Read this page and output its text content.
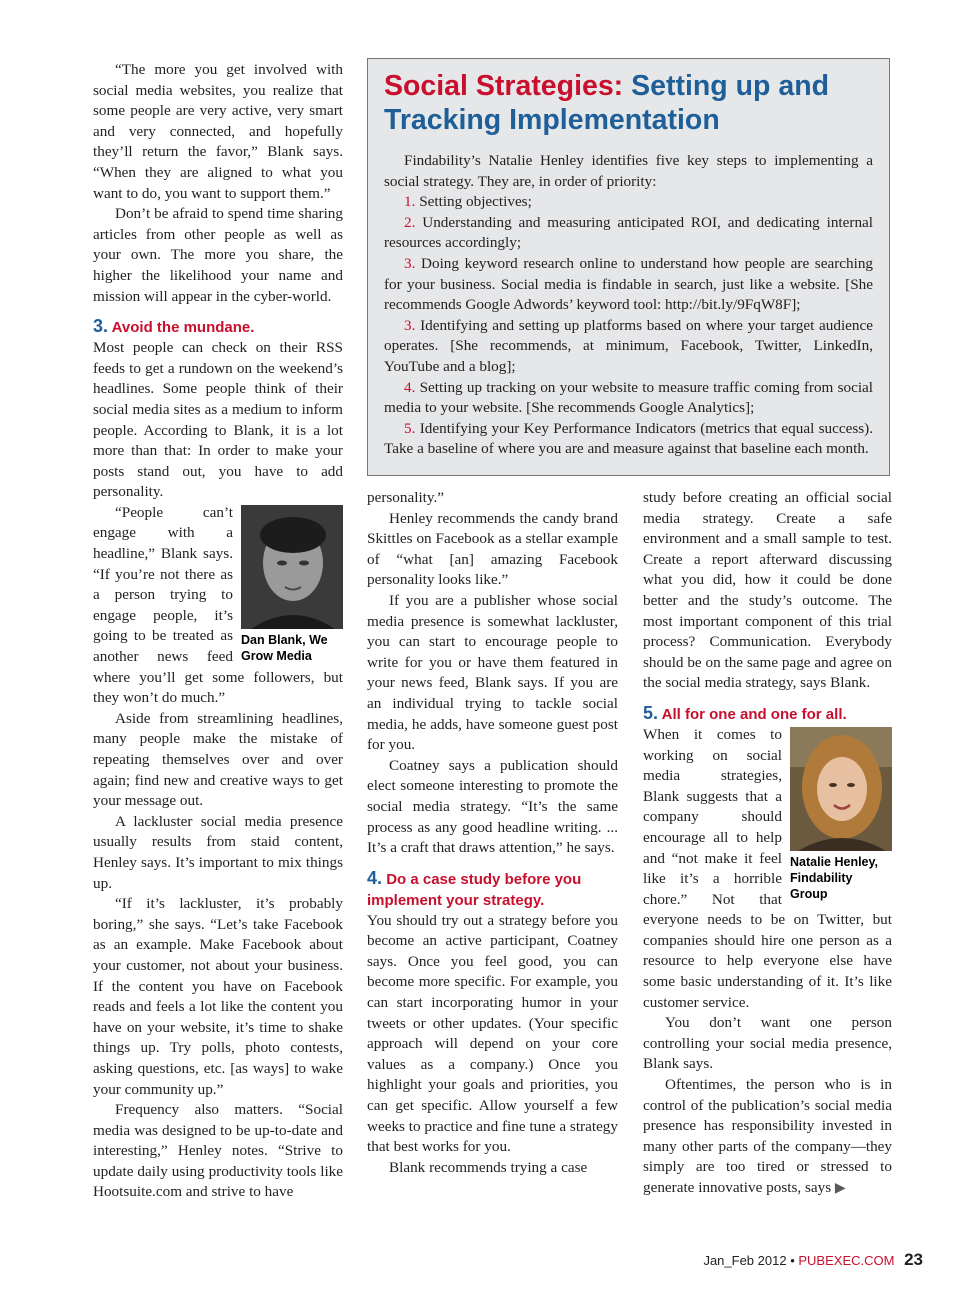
“The more you get involved with social media websites, you realize that some people are very active, very smart and very connected, and hopefully they’ll return the favor,” Blank says. “When they are aligned to what you want to do, you want to support them.”

Don’t be afraid to spend time sharing articles from other people as well as your own. The more you share, the higher the likelihood your name and mission will appear in the cyber-world.

3. Avoid the mundane.

Most people can check on their RSS feeds to get a rundown on the weekend’s headlines. Some people think of their social media sites as a medium to inform people. According to Blank, it is a lot more than that: In order to make your posts stand out, you have to add personality.

Dan Blank, We Grow Media

“People can’t engage with a headline,” Blank says. “If you’re not there as a person trying to engage people, it’s going to be treated as another news feed where you’ll get some followers, but they won’t do much.”

Aside from streamlining headlines, many people make the mistake of repeating themselves over and over again; find new and creative ways to get your message out.

A lackluster social media presence usually results from staid content, Henley says. It’s important to mix things up.

“If it’s lackluster, it’s probably boring,” she says. “Let’s take Facebook as an example. Make Facebook about your customer, not about your business. If the content you have on Facebook reads and feels a lot like the content you have on your website, it’s time to shake things up. Try polls, photo contests, asking questions, etc. [as ways] to wake your community up.”

Frequency also matters. “Social media was designed to be up-to-date and interesting,” Henley notes. “Strive to update daily using productivity tools like Hootsuite.com and strive to have

Social Strategies: Setting up and Tracking Implementation

Findability’s Natalie Henley identifies five key steps to implementing a social strategy. They are, in order of priority:

1. Setting objectives;

2. Understanding and measuring anticipated ROI, and dedicating internal resources accordingly;

3. Doing keyword research online to understand how people are searching for your business. Social media is findable in search, just like a website. [She recommends Google Adwords’ keyword tool: http://bit.ly/9FqW8F];

3. Identifying and setting up platforms based on where your target audience operates. [She recommends, at minimum, Facebook, Twitter, LinkedIn, YouTube and a blog];

4. Setting up tracking on your website to measure traffic coming from social media to your website. [She recommends Google Analytics];

5. Identifying your Key Performance Indicators (metrics that equal success). Take a baseline of where you are and measure against that baseline each month.

personality.”

Henley recommends the candy brand Skittles on Facebook as a stellar example of “what [an] amazing Facebook personality looks like.”

If you are a publisher whose social media presence is somewhat lackluster, you can start to encourage people to write for you or have them featured in your news feed, Blank says. If you are an individual trying to tackle social media, he adds, have someone guest post for you.

Coatney says a publication should elect someone interesting to promote the social media strategy. “It’s the same process as any good headline writing. ... It’s a craft that draws attention,” he says.

4. Do a case study before you implement your strategy.

You should try out a strategy before you become an active participant, Coatney says. Once you feel good, you can become more specific. For example, you can start incorporating humor in your tweets or other updates. (Your specific approach will depend on your core values as a company.) Once you highlight your goals and priorities, you can get specific. Allow yourself a few weeks to practice and fine tune a strategy that best works for you.

Blank recommends trying a case

study before creating an official social media strategy. Create a safe environment and a small sample to test. Create a report afterward discussing what you did, how it could be done better and the study’s outcome. The most important component of this trial process? Communication. Everybody should be on the same page and agree on the social media strategy, says Blank.

5. All for one and one for all.
Natalie Henley, Findability Group

When it comes to working on social media strategies, Blank suggests that a company should encourage all to help and “not make it feel like it’s a horrible chore.” Not that everyone needs to be on Twitter, but companies should hire one person as a resource to help everyone else have some basic understanding of it. It’s like customer service.

You don’t want one person controlling your social media presence, Blank says.

Oftentimes, the person who is in control of the publication’s social media presence has responsibility invested in many other parts of the company—they simply are too tired or stressed to generate innovative posts, says ▶

Jan_Feb 2012 • PUBEXEC.COM 23
